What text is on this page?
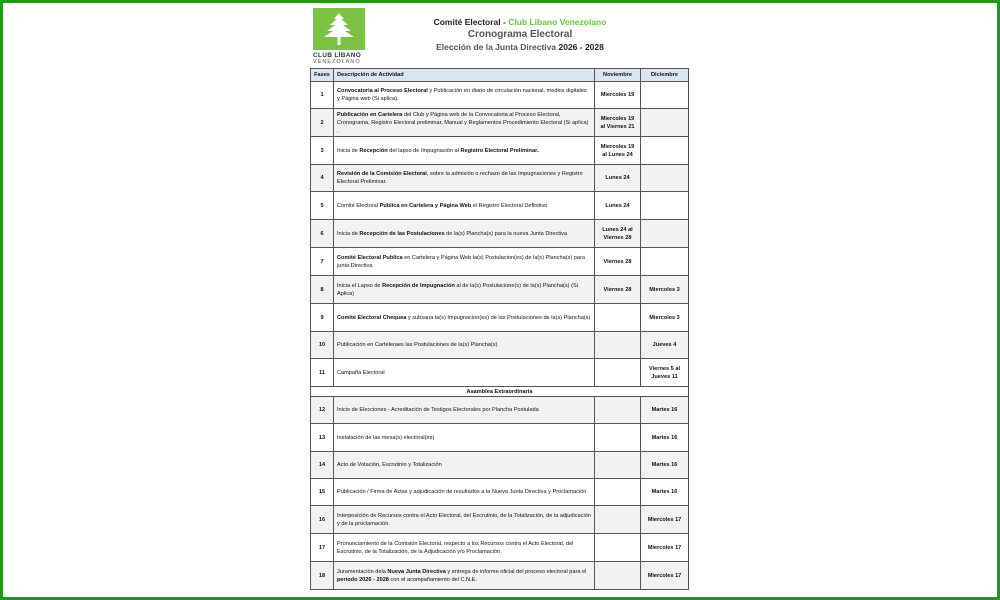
CLUB LÍBANO
VENEZOLANO
Comité Electoral - Club Libano Venezolano
Cronograma Electoral
Elección de la Junta Directiva 2026 - 2028
Fases	Descripción de Actividad	Noviembre	Diciembre
1	Convocatoria al Proceso Electoral y Publicación en diario de circulación nacional, medios digitales y Página web (Si aplica).	Miercoles 19	
2	Publicación en Cartelera del Club y Página web de la Convocatoria al Proceso Electoral, Cronograma, Registro Electoral preliminar, Manual y Reglamentos Procedimiento Electoral (Si aplica) .	Miercoles 19 al Viernes 21	
3	Inicia de Recepción del lapso de Impugnación al Registro Electoral Preliminar.	Miercoles 19 al Lunes 24	
4	Revisión de la Comisión Electoral, sobre la admisión o rechazo de las Impugnaciones y Registro Electoral Preliminar.	Lunes 24	
5	Comité Electoral Publica en Cartelera y Página Web el Registro Electoral Definitivo	Lunes 24	
6	Inicia de Recepción de las Postulaciones de la(s) Plancha(s) para la nueva Junta Directiva	Lunes 24 al Viernes 28	
7	Comité Electoral Publica en Cartelera y Página Web la(s) Postulacion(es) de la(s) Plancha(s) para junta Directiva	Viernes 28	
8	Inicia el Lapso de Recepción de Impugnación al de la(s) Postulacione(s) de la(s) Plancha(s) (Si Aplica)	Viernes 28	Miercoles 3
9	Comité Electoral Chequea y subsana la(s) Impugnacion(es) de las Postulaciones de la(s) Plancha(s)		Miercoles 3
10	Publicación en Carteleraes las Postulaciones de la(s) Plancha(s)		Jueves 4
11	Campaña Electoral		Viernes 5 al Jueves 11
Asamblea Extraordinaria			
12	Inicio de Elecciones - Acreditación de Testigos Electorales por Plancha Postulada		Martes 16
13	Instalación de las mesa(s) electoral(es)		Martes 16
14	Acto de Votación, Escrutinio y Totalización		Martes 16
15	Publicación / Firma de Actas y adjudicación de resultados a la Nueva Junta Directiva y Proclamación		Martes 16
16	Interposición de Recursos contra el Acto Electoral, del Escrutinio, de la Totalización, de la adjudicación y de la proclamación.		Miercoles 17
17	Pronunciamiento de la Comisión Electoral, respecto a los Recursos contra el Acto Electoral, del Escrutinio, de la Totalización, de la Adjudicación y/o Proclamación.		Miercoles 17
18	Juramentación dela Nueva Junta Directiva y entrega de informe oficial del proceso electoral para el periodo 2026 - 2028 con el acompañamiento del C.N.E.		Miercoles 17
